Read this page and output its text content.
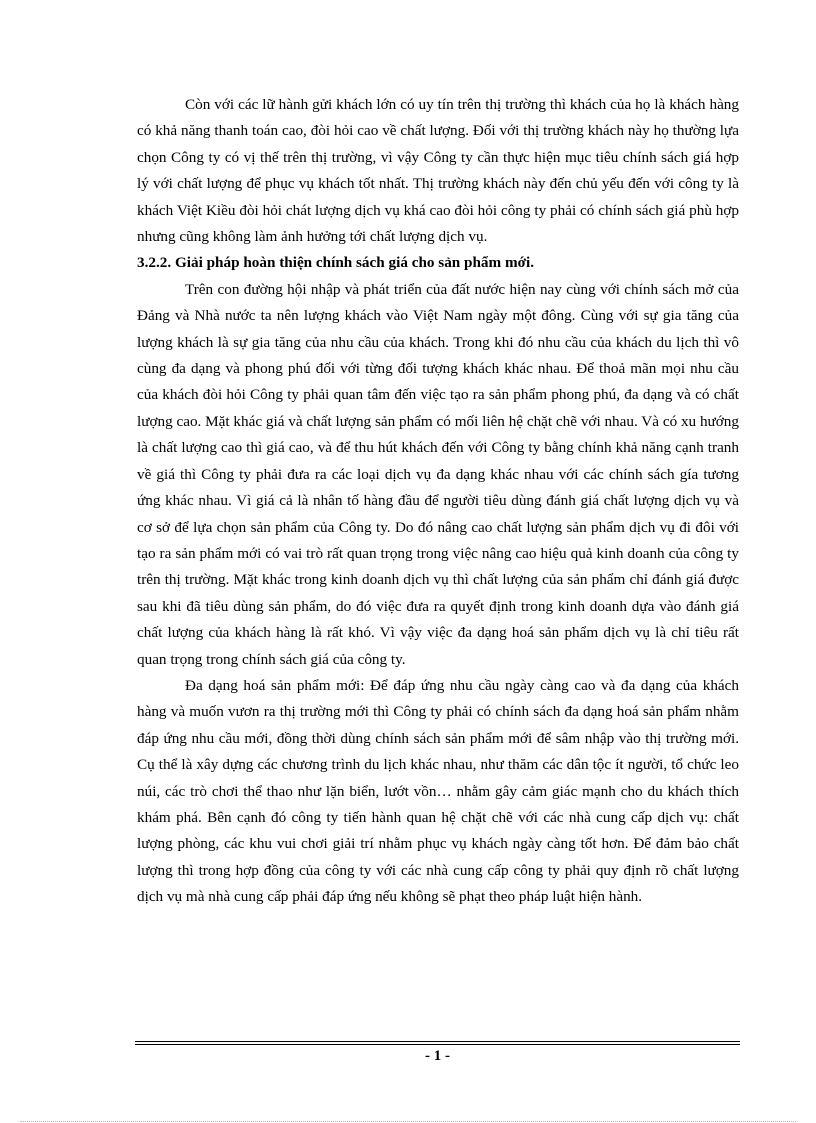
Còn với các lữ hành gửi khách lớn có uy tín trên thị trường thì khách của họ là khách hàng có khả năng thanh toán cao, đòi hỏi cao về chất lượng. Đối với thị trường khách này họ thường lựa chọn Công ty có vị thế trên thị trường, vì vậy Công ty cần thực hiện mục tiêu chính sách giá hợp lý với chất lượng để phục vụ khách tốt nhất. Thị trường khách này đến chủ yếu đến với công ty là khách Việt Kiều đòi hỏi chát lượng dịch vụ khá cao đòi hỏi công ty phải có chính sách giá phù hợp nhưng cũng không làm ảnh hưởng tới chất lượng dịch vụ.

3.2.2. Giải pháp hoàn thiện chính sách giá cho sản phẩm mới.

Trên con đường hội nhập và phát triển của đất nước hiện nay cùng với chính sách mở của Đảng và Nhà nước ta nên lượng khách vào Việt Nam ngày một đông. Cùng với sự gia tăng của lượng khách là sự gia tăng của nhu cầu của khách. Trong khi đó nhu cầu của khách du lịch thì vô cùng đa dạng và phong phú đối với từng đối tượng khách khác nhau. Để thoả mãn mọi nhu cầu của khách đòi hỏi Công ty phải quan tâm đến việc tạo ra sản phẩm phong phú, đa dạng và có chất lượng cao. Mặt khác giá và chất lượng sản phẩm có mối liên hệ chặt chẽ với nhau. Và có xu hướng là chất lượng cao thì giá cao, và để thu hút khách đến với Công ty bằng chính khả năng cạnh tranh về giá thì Công ty phải đưa ra các loại dịch vụ đa dạng khác nhau với các chính sách gía tương ứng khác nhau. Vì giá cả là nhân tố hàng đầu để người tiêu dùng đánh giá chất lượng dịch vụ và cơ sở để lựa chọn sản phẩm của Công ty. Do đó nâng cao chất lượng sản phẩm dịch vụ đi đôi với tạo ra sản phẩm mới có vai trò rất quan trọng trong việc nâng cao hiệu quả kinh doanh của công ty trên thị trường. Mặt khác trong kinh doanh dịch vụ thì chất lượng của sản phẩm chỉ đánh giá được sau khi đã tiêu dùng sản phẩm, do đó việc đưa ra quyết định trong kinh doanh dựa vào đánh giá chất lượng của khách hàng là rất khó. Vì vậy việc đa dạng hoá sản phẩm dịch vụ là chỉ tiêu rất quan trọng trong chính sách giá của công ty.

Đa dạng hoá sản phẩm mới: Để đáp ứng nhu cầu ngày càng cao và đa dạng của khách hàng và muốn vươn ra thị trường mới thì Công ty phải có chính sách đa dạng hoá sản phẩm nhằm đáp ứng nhu cầu mới, đồng thời dùng chính sách sản phẩm mới để sâm nhập vào thị trường mới. Cụ thể là xây dựng các chương trình du lịch khác nhau, như thăm các dân tộc ít người, tổ chức leo núi, các trò chơi thể thao như lặn biển, lướt vồn… nhằm gây cảm giác mạnh cho du khách thích khám phá. Bên cạnh đó công ty tiến hành quan hệ chặt chẽ với các nhà cung cấp dịch vụ: chất lượng phòng, các khu vui chơi giải trí nhằm phục vụ khách ngày càng tốt hơn. Để đảm bảo chất lượng thì trong hợp đồng của công ty với các nhà cung cấp công ty phải quy định rõ chất lượng dịch vụ mà nhà cung cấp phải đáp ứng nếu không sẽ phạt theo pháp luật hiện hành.

- 1 -
